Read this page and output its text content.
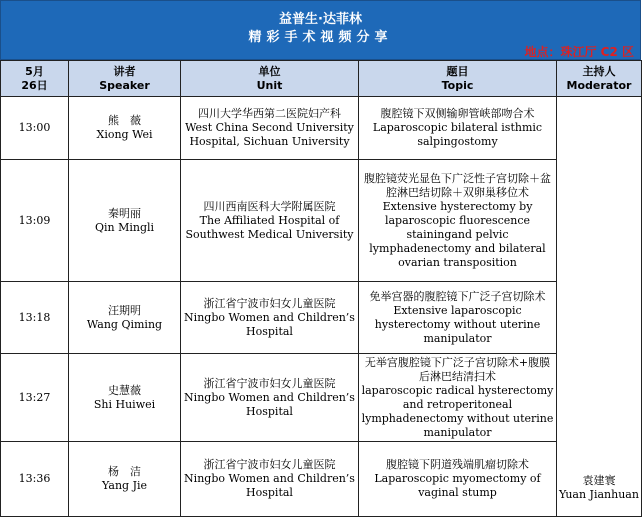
益普生·达菲林
精彩手术视频分享
地点：珠江厅 C2 区
5月
26日	讲者
Speaker	单位
Unit	题目
Topic	主持人
Moderator

13:00	熊　薇
Xiong Wei	四川大学华西第二医院妇产科
West China Second University Hospital, Sichuan University	腹腔镜下双侧输卵管峡部吻合术
Laparoscopic bilateral isthmic salpingostomy	袁建寰
Yuan Jianhuan

13:09	秦明丽
Qin Mingli	四川西南医科大学附属医院
The Affiliated Hospital of Southwest Medical University	腹腔镜荧光显色下广泛性子宫切除＋盆腔淋巴结切除＋双卵巢移位术
Extensive hysterectomy by laparoscopic fluorescence stainingand pelvic lymphadenectomy and bilateral ovarian transposition	

13:18	汪期明
Wang Qiming	浙江省宁波市妇女儿童医院
Ningbo Women and Children’s Hospital	免举宫器的腹腔镜下广泛子宫切除术
Extensive laparoscopic hysterectomy without uterine manipulator	

13:27	史慧薇
Shi Huiwei	浙江省宁波市妇女儿童医院
Ningbo Women and Children’s Hospital	无举宫腹腔镜下广泛子宫切除术+腹膜后淋巴结清扫术
laparoscopic radical hysterectomy and retroperitoneal lymphadenectomy without uterine manipulator	

13:36	杨　洁
Yang Jie	浙江省宁波市妇女儿童医院
Ningbo Women and Children’s Hospital	腹腔镜下阴道残端肌瘤切除术
Laparoscopic myomectomy of vaginal stump	
